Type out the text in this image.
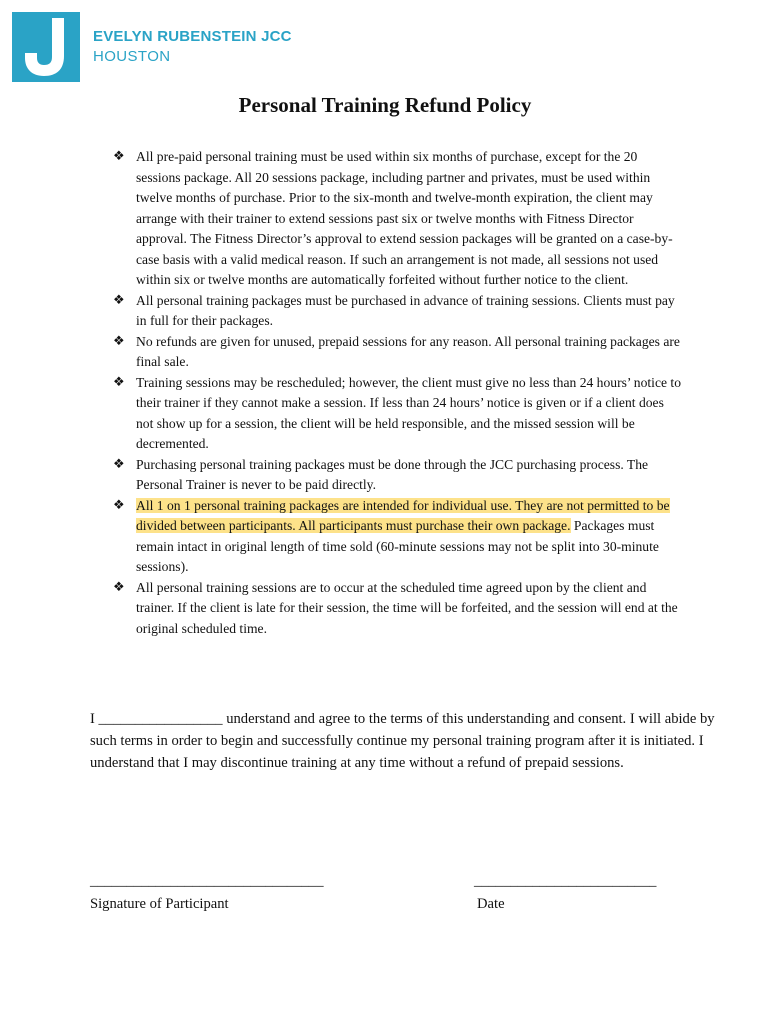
EVELYN RUBENSTEIN JCC
HOUSTON
Personal Training Refund Policy
❖ All pre-paid personal training must be used within six months of purchase, except for the 20 sessions package. All 20 sessions package, including partner and privates, must be used within twelve months of purchase. Prior to the six-month and twelve-month expiration, the client may arrange with their trainer to extend sessions past six or twelve months with Fitness Director approval. The Fitness Director’s approval to extend session packages will be granted on a case-by-case basis with a valid medical reason. If such an arrangement is not made, all sessions not used within six or twelve months are automatically forfeited without further notice to the client.
❖ All personal training packages must be purchased in advance of training sessions. Clients must pay in full for their packages.
❖ No refunds are given for unused, prepaid sessions for any reason. All personal training packages are final sale.
❖ Training sessions may be rescheduled; however, the client must give no less than 24 hours’ notice to their trainer if they cannot make a session. If less than 24 hours’ notice is given or if a client does not show up for a session, the client will be held responsible, and the missed session will be decremented.
❖ Purchasing personal training packages must be done through the JCC purchasing process. The Personal Trainer is never to be paid directly.
❖ All 1 on 1 personal training packages are intended for individual use. They are not permitted to be divided between participants. All participants must purchase their own package. Packages must remain intact in original length of time sold (60-minute sessions may not be split into 30-minute sessions).
❖ All personal training sessions are to occur at the scheduled time agreed upon by the client and trainer. If the client is late for their session, the time will be forfeited, and the session will end at the original scheduled time.
I _________________ understand and agree to the terms of this understanding and consent. I will abide by such terms in order to begin and successfully continue my personal training program after it is initiated. I understand that I may discontinue training at any time without a refund of prepaid sessions.
________________________________	_________________________
Signature of Participant	Date
